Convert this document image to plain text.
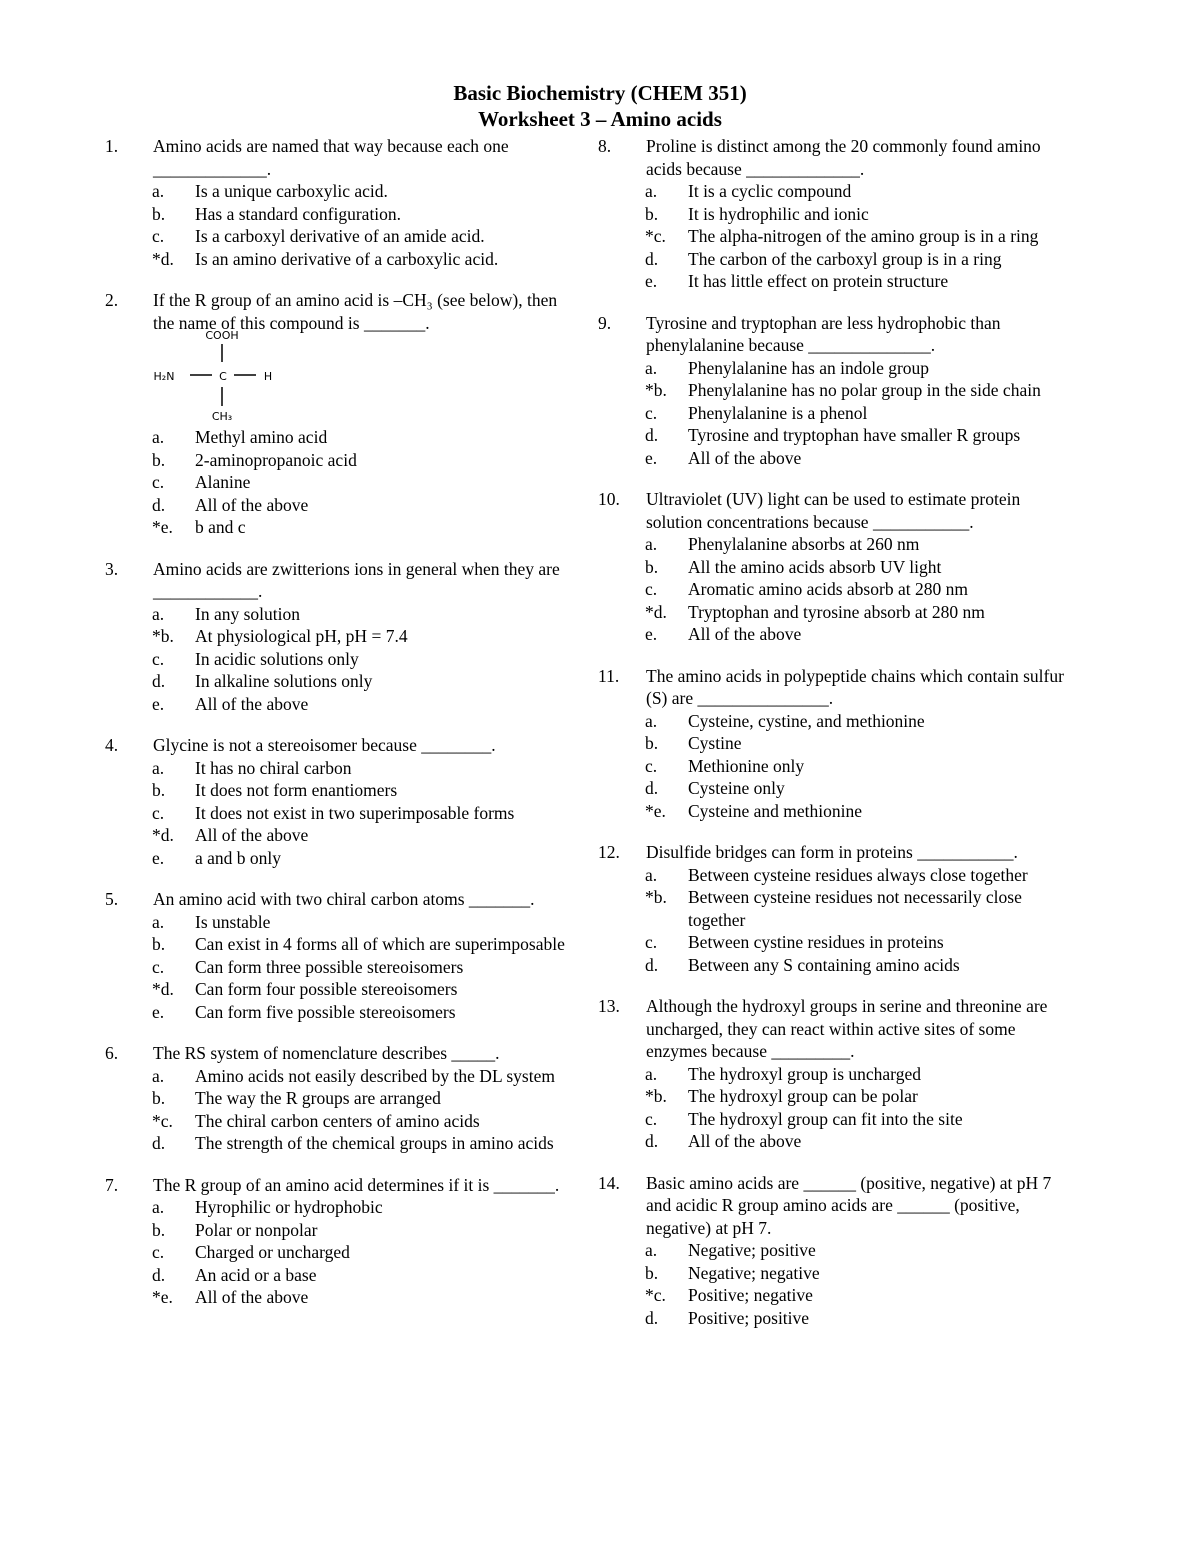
Basic Biochemistry (CHEM 351)
Worksheet 3 – Amino acids
1. Amino acids are named that way because each one _____________.
a. Is a unique carboxylic acid.
b. Has a standard configuration.
c. Is a carboxyl derivative of an amide acid.
*d. Is an amino derivative of a carboxylic acid.
2. If the R group of an amino acid is –CH₃ (see below), then the name of this compound is _______.
COOH
H₂N	C	H
CH₃
a. Methyl amino acid
b. 2-aminopropanoic acid
c. Alanine
d. All of the above
*e. b and c
3. Amino acids are zwitterions ions in general when they are ____________.
a. In any solution
*b. At physiological pH, pH = 7.4
c. In acidic solutions only
d. In alkaline solutions only
e. All of the above
4. Glycine is not a stereoisomer because ________.
a. It has no chiral carbon
b. It does not form enantiomers
c. It does not exist in two superimposable forms
*d. All of the above
e. a and b only
5. An amino acid with two chiral carbon atoms _______.
a. Is unstable
b. Can exist in 4 forms all of which are superimposable
c. Can form three possible stereoisomers
*d. Can form four possible stereoisomers
e. Can form five possible stereoisomers
6. The RS system of nomenclature describes _____.
a. Amino acids not easily described by the DL system
b. The way the R groups are arranged
*c. The chiral carbon centers of amino acids
d. The strength of the chemical groups in amino acids
7. The R group of an amino acid determines if it is _______.
a. Hyrophilic or hydrophobic
b. Polar or nonpolar
c. Charged or uncharged
d. An acid or a base
*e. All of the above
8. Proline is distinct among the 20 commonly found amino acids because _____________.
a. It is a cyclic compound
b. It is hydrophilic and ionic
*c. The alpha-nitrogen of the amino group is in a ring
d. The carbon of the carboxyl group is in a ring
e. It has little effect on protein structure
9. Tyrosine and tryptophan are less hydrophobic than phenylalanine because ______________.
a. Phenylalanine has an indole group
*b. Phenylalanine has no polar group in the side chain
c. Phenylalanine is a phenol
d. Tyrosine and tryptophan have smaller R groups
e. All of the above
10. Ultraviolet (UV) light can be used to estimate protein solution concentrations because ___________.
a. Phenylalanine absorbs at 260 nm
b. All the amino acids absorb UV light
c. Aromatic amino acids absorb at 280 nm
*d. Tryptophan and tyrosine absorb at 280 nm
e. All of the above
11. The amino acids in polypeptide chains which contain sulfur (S) are _______________.
a. Cysteine, cystine, and methionine
b. Cystine
c. Methionine only
d. Cysteine only
*e. Cysteine and methionine
12. Disulfide bridges can form in proteins ___________.
a. Between cysteine residues always close together
*b. Between cysteine residues not necessarily close together
c. Between cystine residues in proteins
d. Between any S containing amino acids
13. Although the hydroxyl groups in serine and threonine are uncharged, they can react within active sites of some enzymes because _________.
a. The hydroxyl group is uncharged
*b. The hydroxyl group can be polar
c. The hydroxyl group can fit into the site
d. All of the above
14. Basic amino acids are ______ (positive, negative) at pH 7 and acidic R group amino acids are ______ (positive, negative) at pH 7.
a. Negative; positive
b. Negative; negative
*c. Positive; negative
d. Positive; positive
